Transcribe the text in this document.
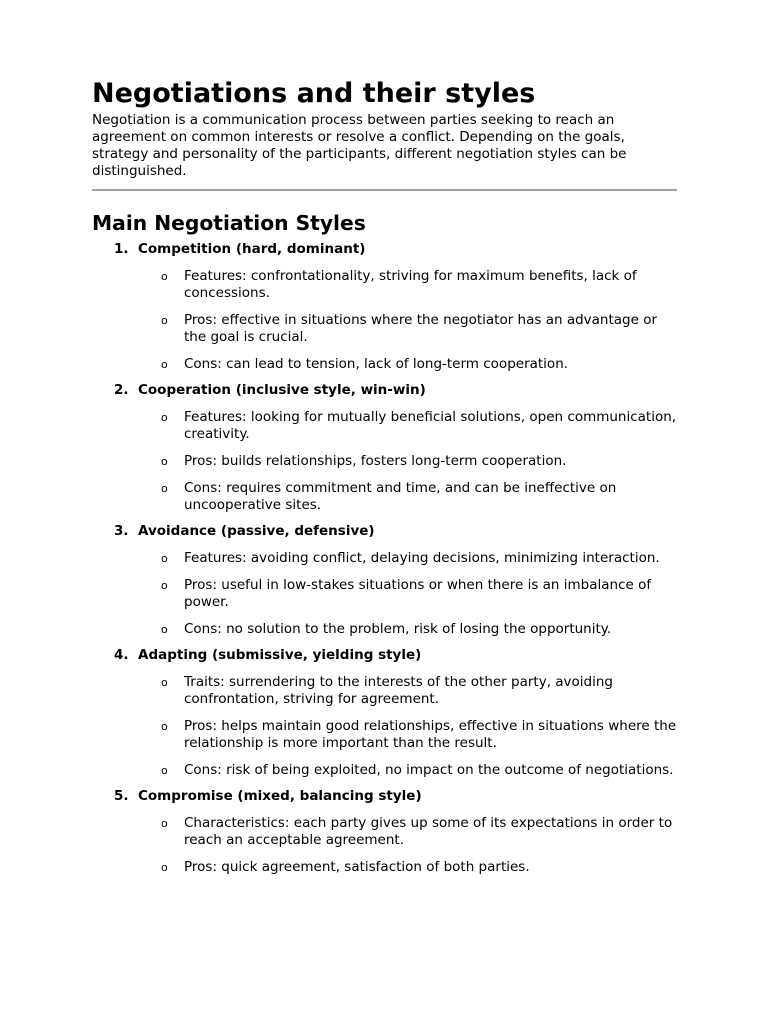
Negotiations and their styles

Negotiation is a communication process between parties seeking to reach an agreement on common interests or resolve a conflict. Depending on the goals, strategy and personality of the participants, different negotiation styles can be distinguished.

Main Negotiation Styles
1. Competition (hard, dominant)
o	Features: confrontationality, striving for maximum benefits, lack of concessions.
o	Pros: effective in situations where the negotiator has an advantage or the goal is crucial.
o	Cons: can lead to tension, lack of long-term cooperation.
2. Cooperation (inclusive style, win-win)
o	Features: looking for mutually beneficial solutions, open communication, creativity.
o	Pros: builds relationships, fosters long-term cooperation.
o	Cons: requires commitment and time, and can be ineffective on uncooperative sites.
3. Avoidance (passive, defensive)
o	Features: avoiding conflict, delaying decisions, minimizing interaction.
o	Pros: useful in low-stakes situations or when there is an imbalance of power.
o	Cons: no solution to the problem, risk of losing the opportunity.
4. Adapting (submissive, yielding style)
o	Traits: surrendering to the interests of the other party, avoiding confrontation, striving for agreement.
o	Pros: helps maintain good relationships, effective in situations where the relationship is more important than the result.
o	Cons: risk of being exploited, no impact on the outcome of negotiations.
5. Compromise (mixed, balancing style)
o	Characteristics: each party gives up some of its expectations in order to reach an acceptable agreement.
o	Pros: quick agreement, satisfaction of both parties.
